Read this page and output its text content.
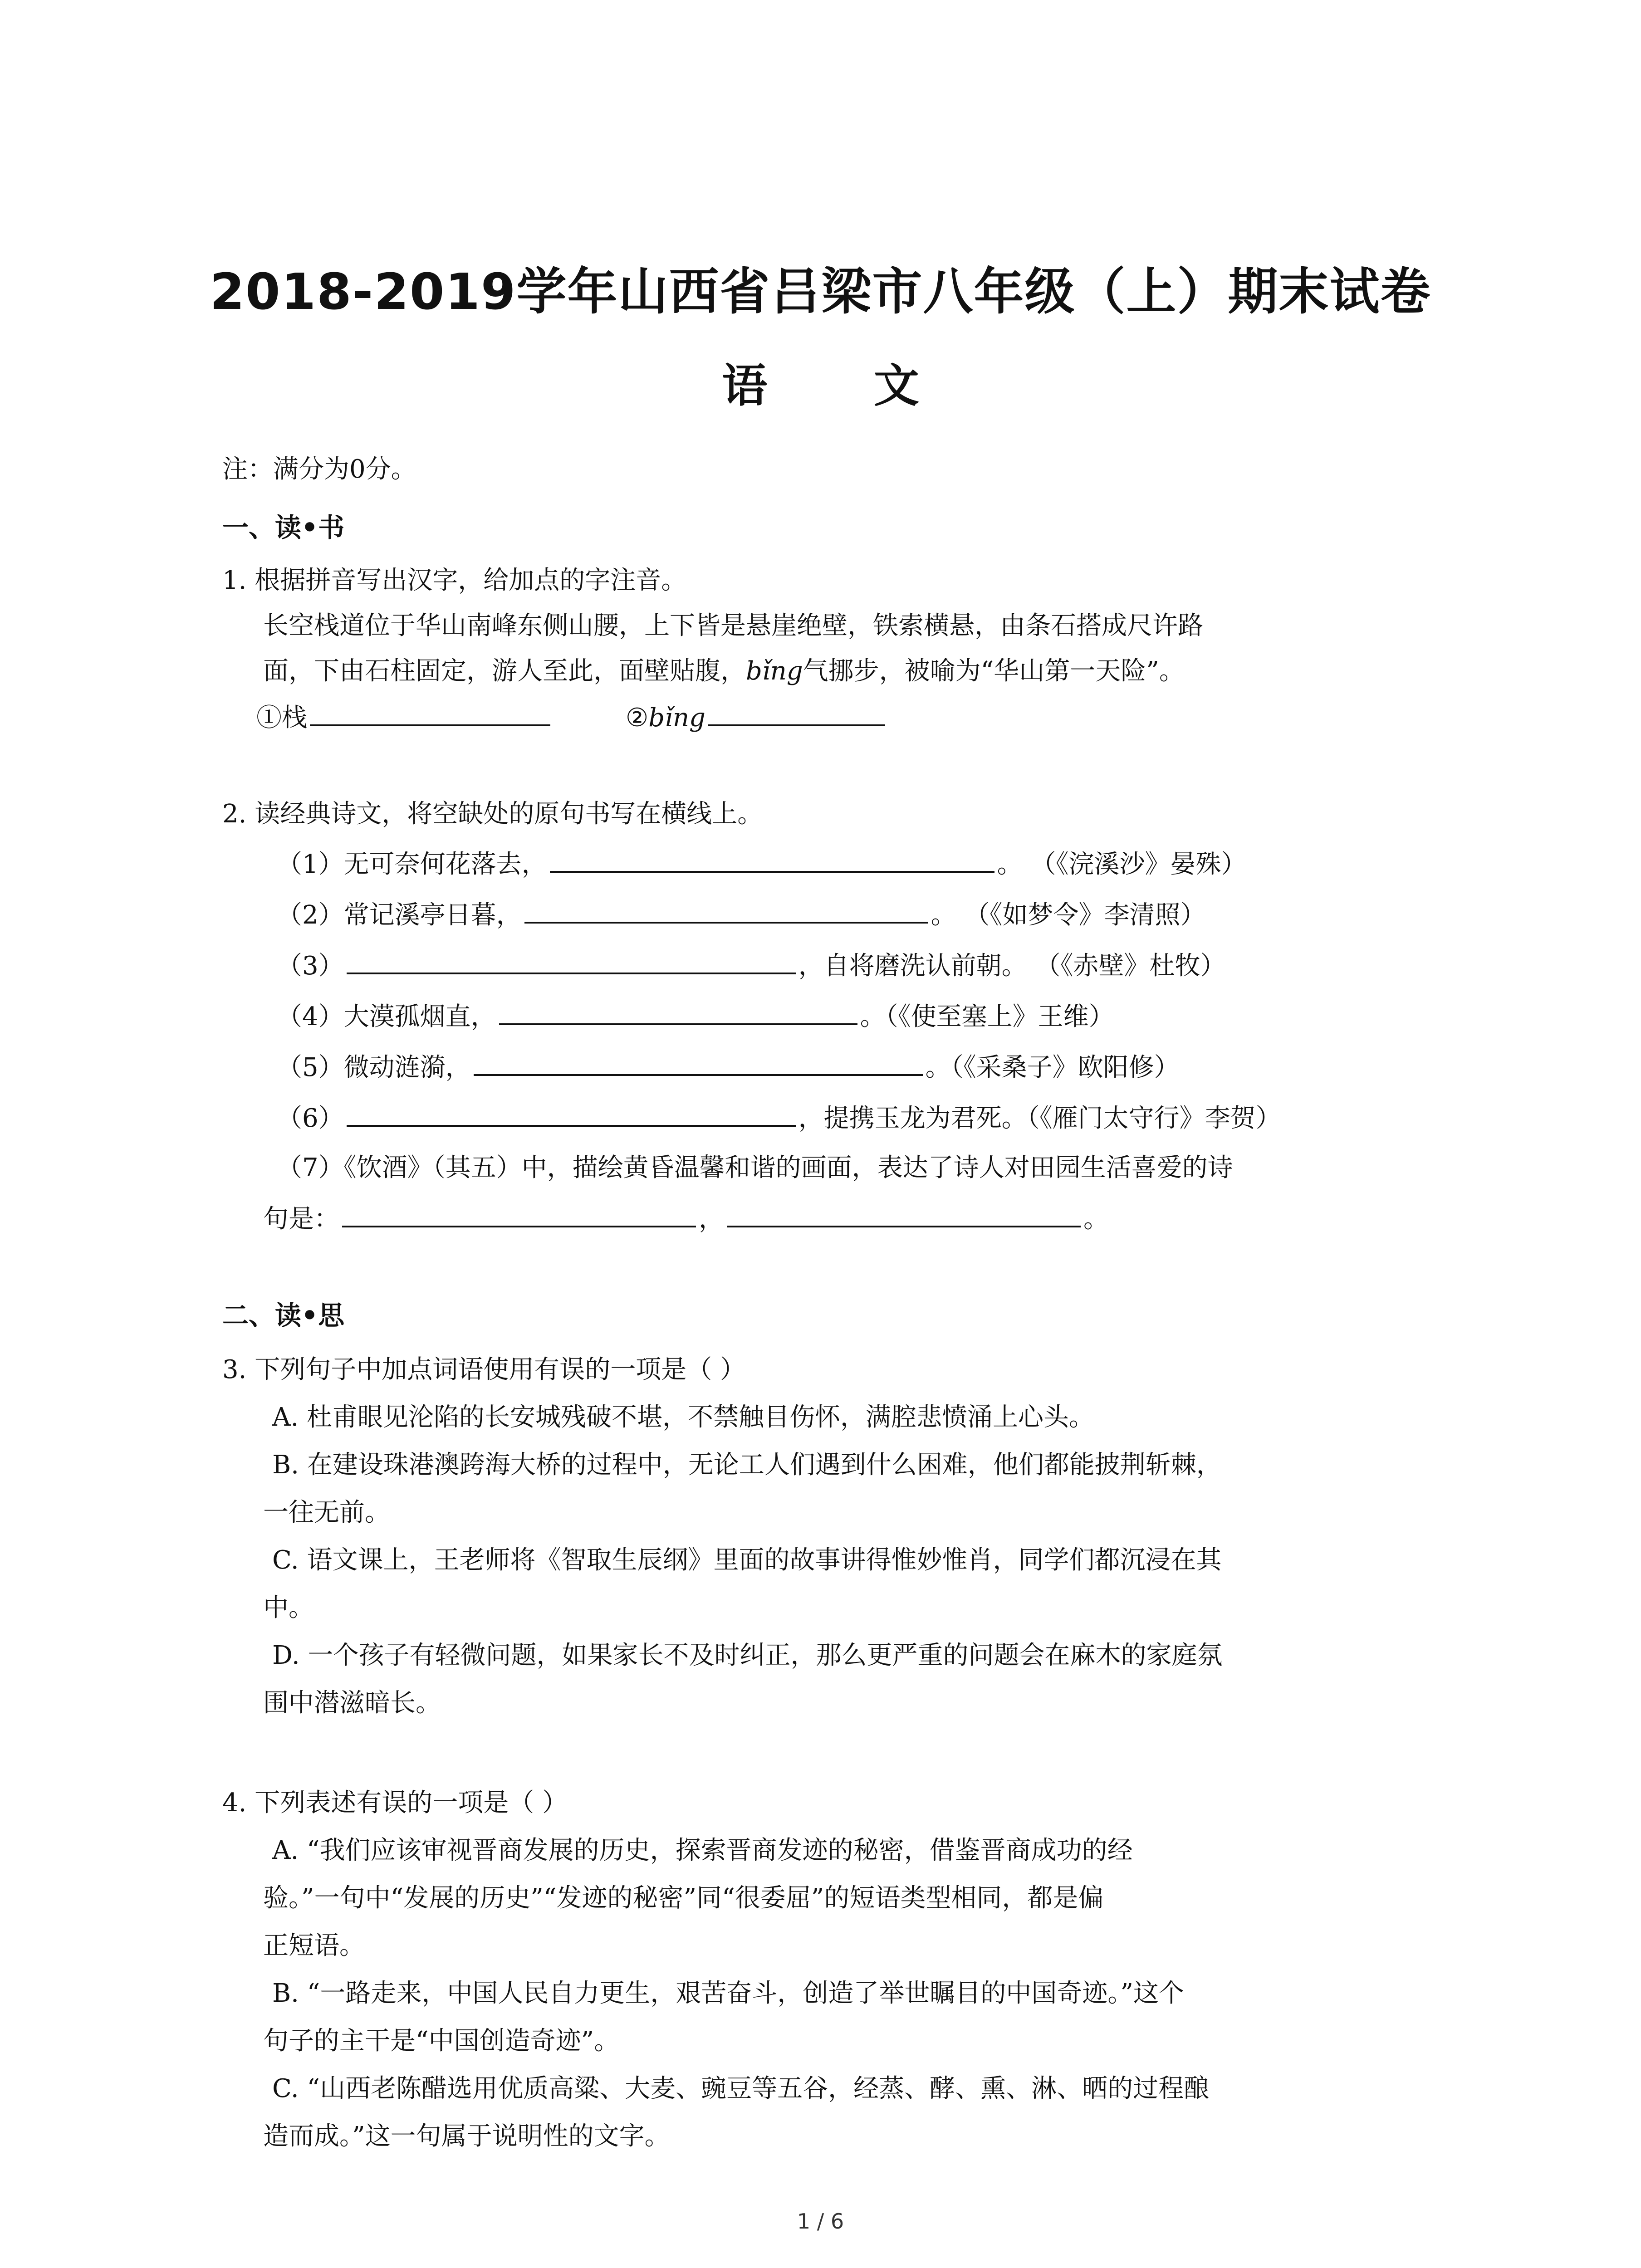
2018-2019学年山西省吕梁市八年级（上）期末试卷
语 文
注：满分为0分。
一、读•书
1. 根据拼音写出汉字，给加点的字注音。
长空栈道位于华山南峰东侧山腰，上下皆是悬崖绝壁，铁索横悬，由条石搭成尺许路
面，下由石柱固定，游人至此，面壁贴腹，bǐng气挪步，被喻为“华山第一天险”。
①栈	②bǐng
2. 读经典诗文，将空缺处的原句书写在横线上。
（1）无可奈何花落去，	。 （《浣溪沙》晏殊）
（2）常记溪亭日暮，	。 （《如梦令》李清照）
（3）	，自将磨洗认前朝。 （《赤壁》杜牧）
（4）大漠孤烟直，	。（《使至塞上》王维）
（5）微动涟漪，	。（《采桑子》欧阳修）
（6）	，提携玉龙为君死。（《雁门太守行》李贺）
（7）《饮酒》（其五）中，描绘黄昏温馨和谐的画面，表达了诗人对田园生活喜爱的诗
句是：	，	。
二、读•思
3. 下列句子中加点词语使用有误的一项是（ ）
A. 杜甫眼见沦陷的长安城残破不堪，不禁触目伤怀，满腔悲愤涌上心头。
B. 在建设珠港澳跨海大桥的过程中，无论工人们遇到什么困难，他们都能披荆斩棘，
一往无前。
C. 语文课上，王老师将《智取生辰纲》里面的故事讲得惟妙惟肖，同学们都沉浸在其
中。
D. 一个孩子有轻微问题，如果家长不及时纠正，那么更严重的问题会在麻木的家庭氛
围中潜滋暗长。
4. 下列表述有误的一项是（ ）
A. “我们应该审视晋商发展的历史，探索晋商发迹的秘密，借鉴晋商成功的经
验。”一句中“发展的历史”“发迹的秘密”同“很委屈”的短语类型相同，都是偏
正短语。
B. “一路走来，中国人民自力更生，艰苦奋斗，创造了举世瞩目的中国奇迹。”这个
句子的主干是“中国创造奇迹”。
C. “山西老陈醋选用优质高粱、大麦、豌豆等五谷，经蒸、酵、熏、淋、晒的过程酿
造而成。”这一句属于说明性的文字。
1 / 6
